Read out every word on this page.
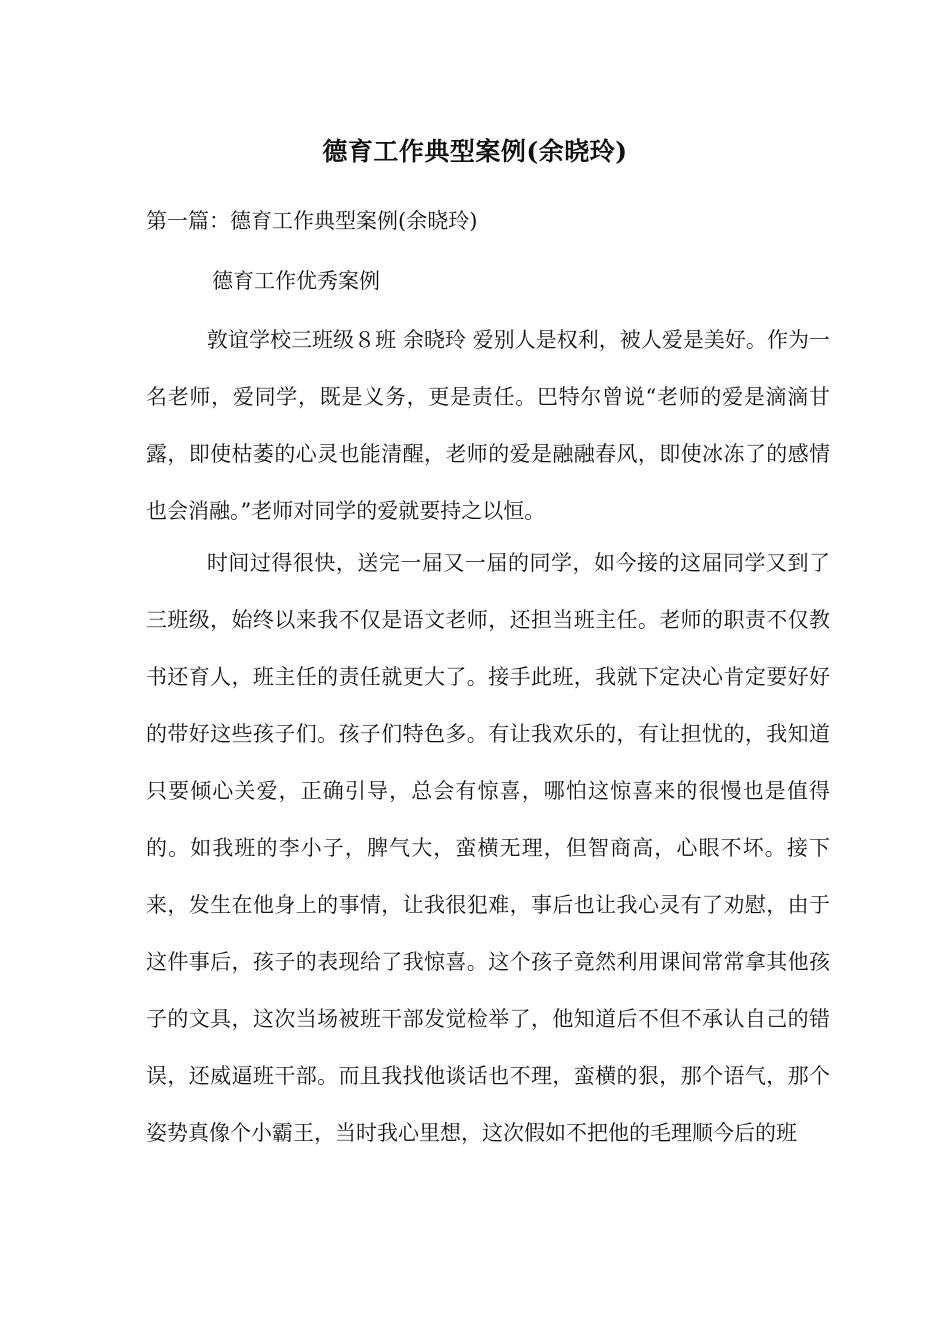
德育工作典型案例(余晓玲)
第一篇：德育工作典型案例(余晓玲)
德育工作优秀案例

敦谊学校三班级８班 余晓玲 爱别人是权利，被人爱是美好。作为一名老师，爱同学，既是义务，更是责任。巴特尔曾说“老师的爱是滴滴甘露，即使枯萎的心灵也能清醒，老师的爱是融融春风，即使冰冻了的感情也会消融。”老师对同学的爱就要持之以恒。

时间过得很快，送完一届又一届的同学，如今接的这届同学又到了三班级，始终以来我不仅是语文老师，还担当班主任。老师的职责不仅教书还育人，班主任的责任就更大了。接手此班，我就下定决心肯定要好好的带好这些孩子们。孩子们特色多。有让我欢乐的，有让担忧的，我知道只要倾心关爱，正确引导，总会有惊喜，哪怕这惊喜来的很慢也是值得的。如我班的李小子，脾气大，蛮横无理，但智商高，心眼不坏。接下来，发生在他身上的事情，让我很犯难，事后也让我心灵有了劝慰，由于这件事后，孩子的表现给了我惊喜。这个孩子竟然利用课间常常拿其他孩子的文具，这次当场被班干部发觉检举了，他知道后不但不承认自己的错误，还威逼班干部。而且我找他谈话也不理，蛮横的狠，那个语气，那个姿势真像个小霸王，当时我心里想，这次假如不把他的毛理顺今后的班
